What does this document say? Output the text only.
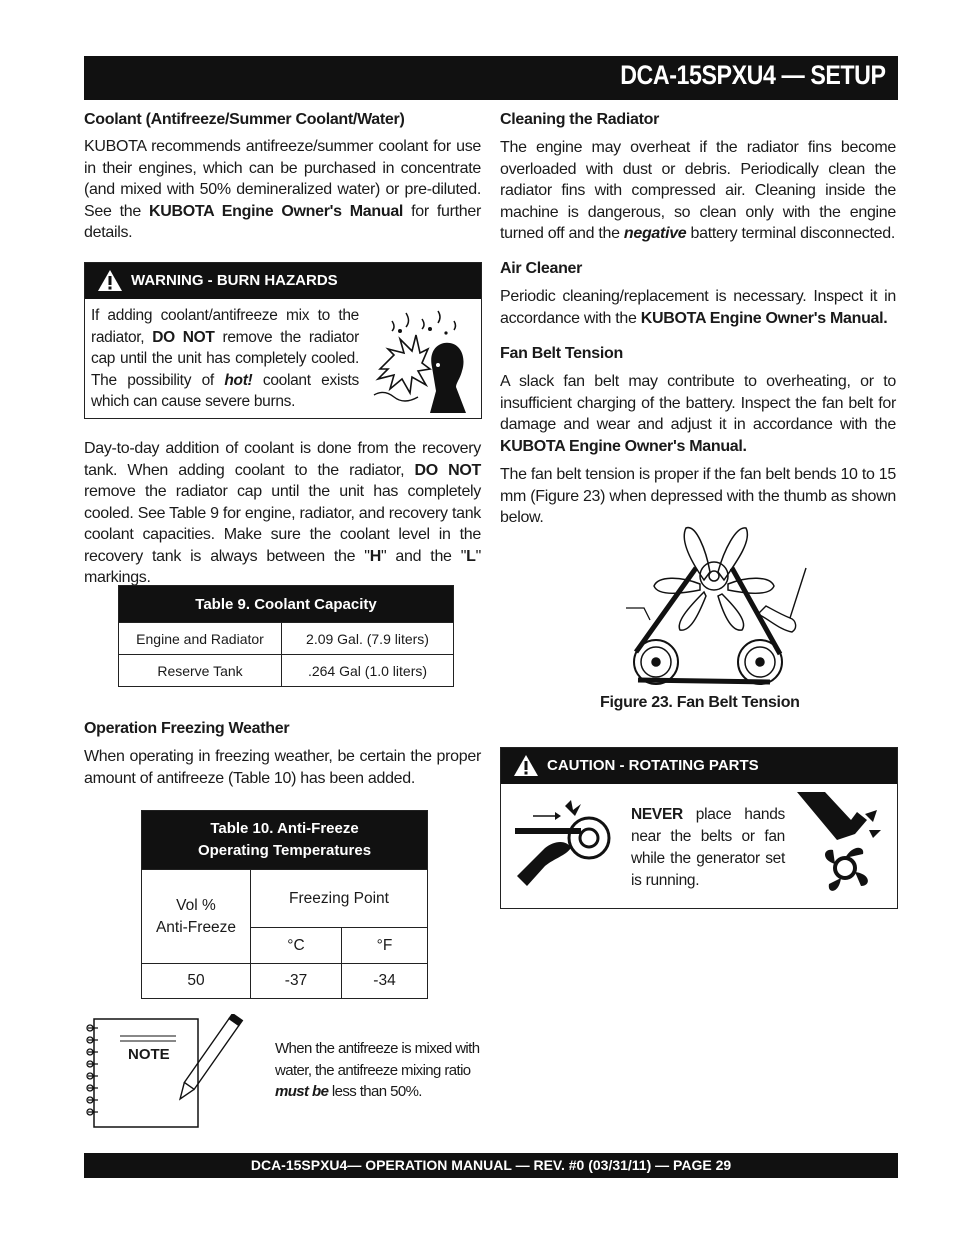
DCA-15SPXU4 — SETUP
Coolant (Antifreeze/Summer Coolant/Water)
KUBOTA recommends antifreeze/summer coolant for use in their engines, which can be purchased in concentrate (and mixed with 50% demineralized water) or pre-diluted. See the KUBOTA Engine Owner's Manual for further details.
WARNING - BURN HAZARDS
If adding coolant/antifreeze mix to the radiator, DO NOT remove the radiator cap until the unit has completely cooled. The possibility of hot! coolant exists which can cause severe burns.
Day-to-day addition of coolant is done from the recovery tank. When adding coolant to the radiator, DO NOT remove the radiator cap until the unit has completely cooled. See Table 9 for engine, radiator, and recovery tank coolant capacities. Make sure the coolant level in the recovery tank is always between the "H" and the "L" markings.
Table 9. Coolant Capacity	
Engine and Radiator	2.09 Gal. (7.9 liters)
Reserve Tank	.264 Gal (1.0 liters)
Operation Freezing Weather
When operating in freezing weather, be certain the proper amount of antifreeze (Table 10) has been added.
Table 10. Anti-Freeze
Operating Temperatures		
Vol %
Anti-Freeze	Freezing Point	
	°C	°F
50	-37	-34
NOTE	When the antifreeze is mixed with water, the antifreeze mixing ratio must be less than 50%.
Cleaning the Radiator
The engine may overheat if the radiator fins become overloaded with dust or debris. Periodically clean the radiator fins with compressed air. Cleaning inside the machine is dangerous, so clean only with the engine turned off and the negative battery terminal disconnected.
Air Cleaner
Periodic cleaning/replacement is necessary. Inspect it in accordance with the KUBOTA Engine Owner's Manual.
Fan Belt Tension
A slack fan belt may contribute to overheating, or to insufficient charging of the battery. Inspect the fan belt for damage and wear and adjust it in accordance with the KUBOTA Engine Owner's Manual.
The fan belt tension is proper if the fan belt bends 10 to 15 mm (Figure 23) when depressed with the thumb as shown below.
Figure 23. Fan Belt Tension
CAUTION - ROTATING PARTS
NEVER place hands near the belts or fan while the generator set is running.
DCA-15SPXU4— OPERATION MANUAL — REV. #0 (03/31/11) — PAGE 29
